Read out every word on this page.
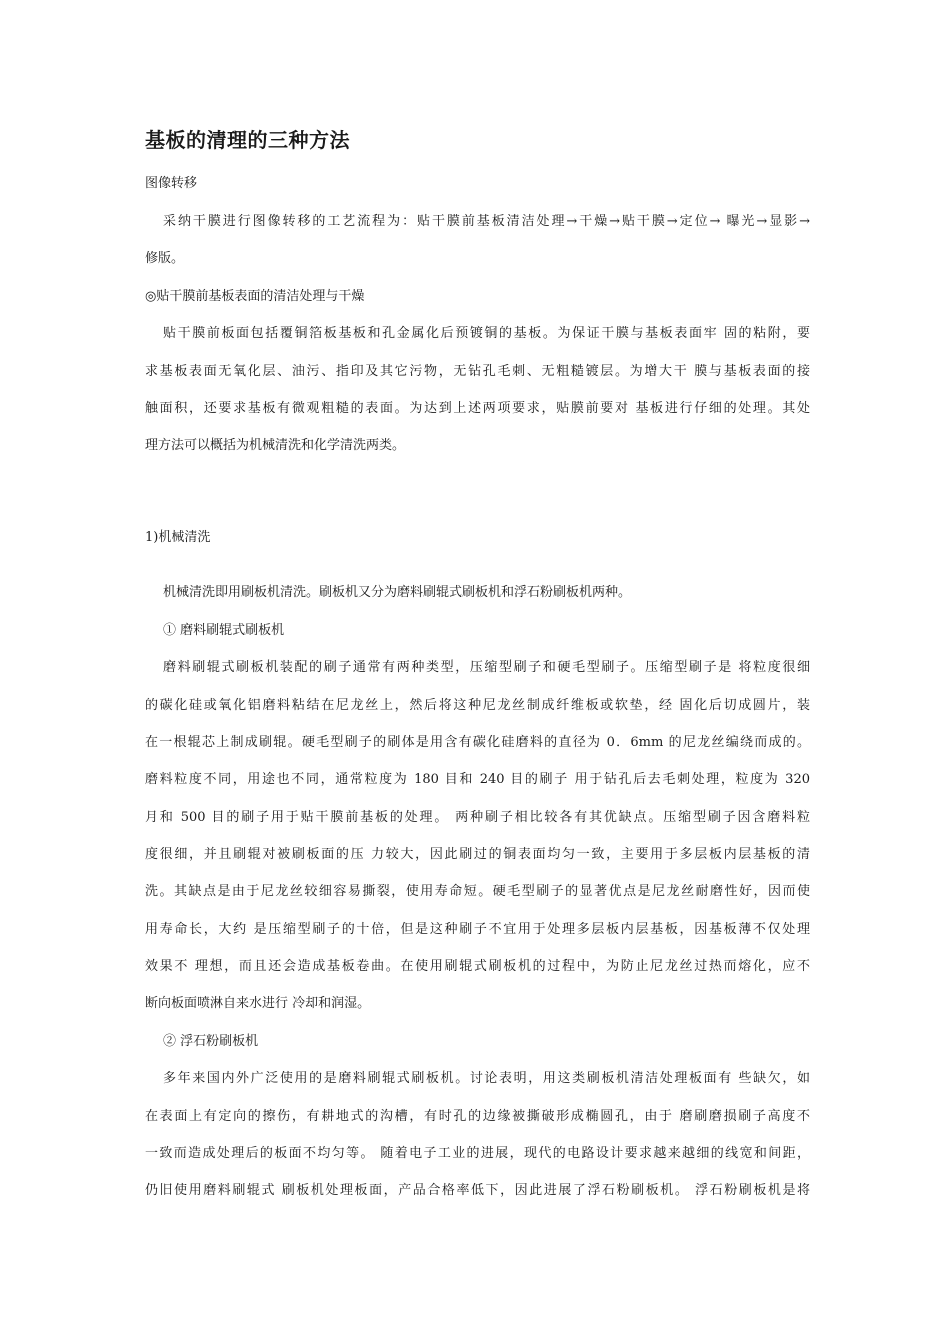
基板的清理的三种方法
图像转移
采纳干膜进行图像转移的工艺流程为：贴干膜前基板清洁处理→干燥→贴干膜→定位→ 曝光→显影→
修版。
◎贴干膜前基板表面的清洁处理与干燥
贴干膜前板面包括覆铜箔板基板和孔金属化后预镀铜的基板。为保证干膜与基板表面牢 固的粘附，要
求基板表面无氧化层、油污、指印及其它污物，无钻孔毛刺、无粗糙镀层。为增大干 膜与基板表面的接
触面积，还要求基板有微观粗糙的表面。为达到上述两项要求，贴膜前要对 基板进行仔细的处理。其处
理方法可以概括为机械清洗和化学清洗两类。
1)机械清洗
机械清洗即用刷板机清洗。刷板机又分为磨料刷辊式刷板机和浮石粉刷板机两种。
① 磨料刷辊式刷板机
磨料刷辊式刷板机装配的刷子通常有两种类型，压缩型刷子和硬毛型刷子。压缩型刷子是 将粒度很细
的碳化硅或氧化铝磨料粘结在尼龙丝上，然后将这种尼龙丝制成纤维板或软垫，经 固化后切成圆片，装
在一根辊芯上制成刷辊。硬毛型刷子的刷体是用含有碳化硅磨料的直径为 0．6mm 的尼龙丝编绕而成的。
磨料粒度不同，用途也不同，通常粒度为 180 目和 240 目的刷子 用于钻孔后去毛刺处理，粒度为 320
月和 500 目的刷子用于贴干膜前基板的处理。 两种刷子相比较各有其优缺点。压缩型刷子因含磨料粒
度很细，并且刷辊对被刷板面的压 力较大，因此刷过的铜表面均匀一致，主要用于多层板内层基板的清
洗。其缺点是由于尼龙丝较细容易撕裂，使用寿命短。硬毛型刷子的显著优点是尼龙丝耐磨性好，因而使
用寿命长，大约 是压缩型刷子的十倍，但是这种刷子不宜用于处理多层板内层基板，因基板薄不仅处理
效果不 理想，而且还会造成基板卷曲。在使用刷辊式刷板机的过程中，为防止尼龙丝过热而熔化，应不
断向板面喷淋自来水进行 冷却和润湿。
② 浮石粉刷板机
多年来国内外广泛使用的是磨料刷辊式刷板机。讨论表明，用这类刷板机清洁处理板面有 些缺欠，如
在表面上有定向的擦伤，有耕地式的沟槽，有时孔的边缘被撕破形成椭圆孔，由于 磨刷磨损刷子高度不
一致而造成处理后的板面不均匀等。 随着电子工业的进展，现代的电路设计要求越来越细的线宽和间距，
仍旧使用磨料刷辊式 刷板机处理板面，产品合格率低下，因此进展了浮石粉刷板机。 浮石粉刷板机是将
